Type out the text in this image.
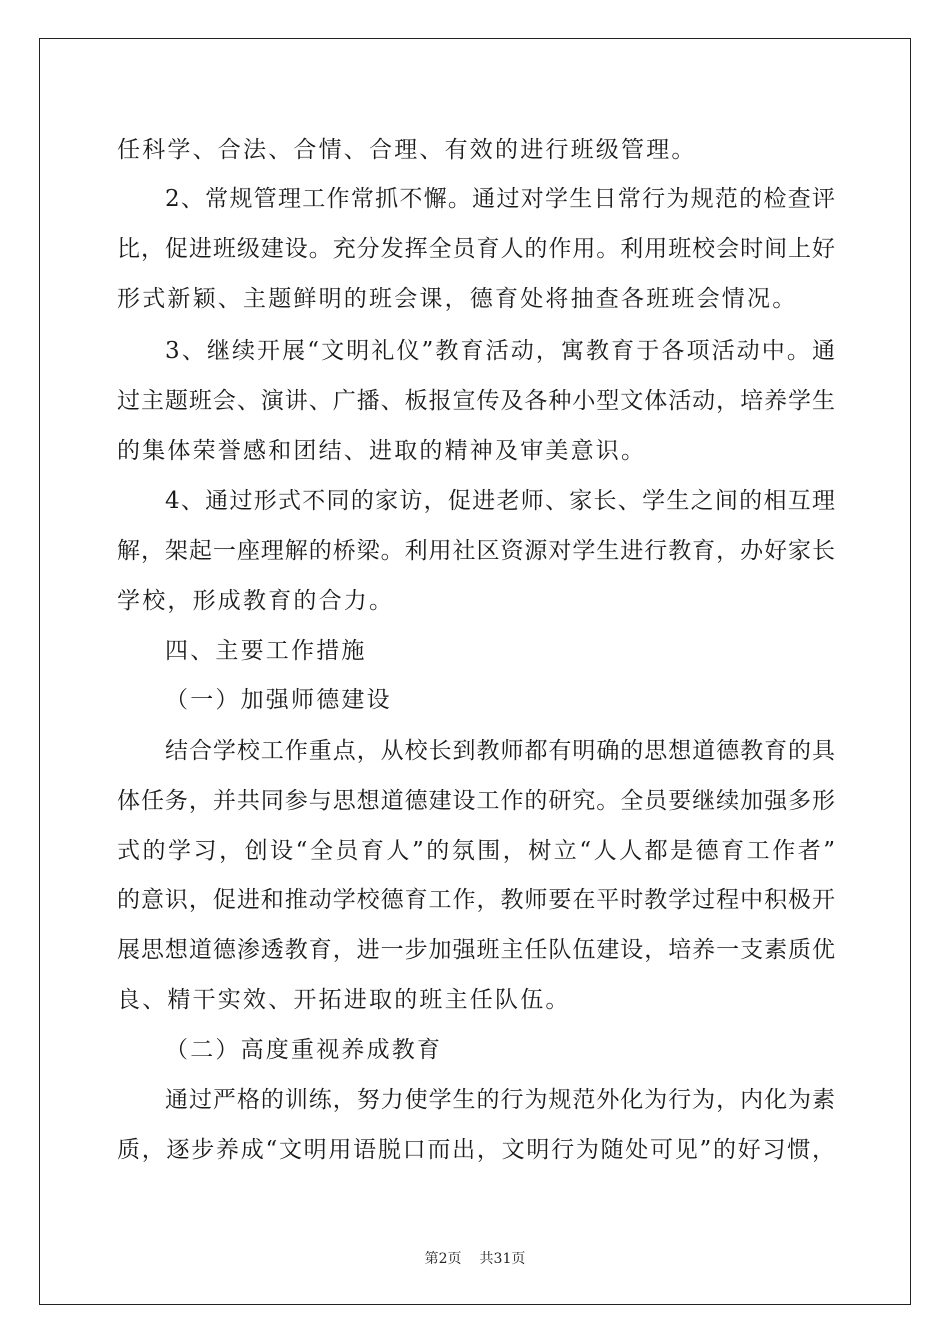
任科学、合法、合情、合理、有效的进行班级管理。
2、常规管理工作常抓不懈。通过对学生日常行为规范的检查评
比，促进班级建设。充分发挥全员育人的作用。利用班校会时间上好
形式新颖、主题鲜明的班会课，德育处将抽查各班班会情况。
3、继续开展“文明礼仪”教育活动，寓教育于各项活动中。通
过主题班会、演讲、广播、板报宣传及各种小型文体活动，培养学生
的集体荣誉感和团结、进取的精神及审美意识。
4、通过形式不同的家访，促进老师、家长、学生之间的相互理
解，架起一座理解的桥梁。利用社区资源对学生进行教育，办好家长
学校，形成教育的合力。
四、主要工作措施
（一）加强师德建设
结合学校工作重点，从校长到教师都有明确的思想道德教育的具
体任务，并共同参与思想道德建设工作的研究。全员要继续加强多形
式的学习，创设“全员育人”的氛围，树立“人人都是德育工作者”
的意识，促进和推动学校德育工作，教师要在平时教学过程中积极开
展思想道德渗透教育，进一步加强班主任队伍建设，培养一支素质优
良、精干实效、开拓进取的班主任队伍。
（二）高度重视养成教育
通过严格的训练，努力使学生的行为规范外化为行为，内化为素
质，逐步养成“文明用语脱口而出，文明行为随处可见”的好习惯，
第2页 共31页
